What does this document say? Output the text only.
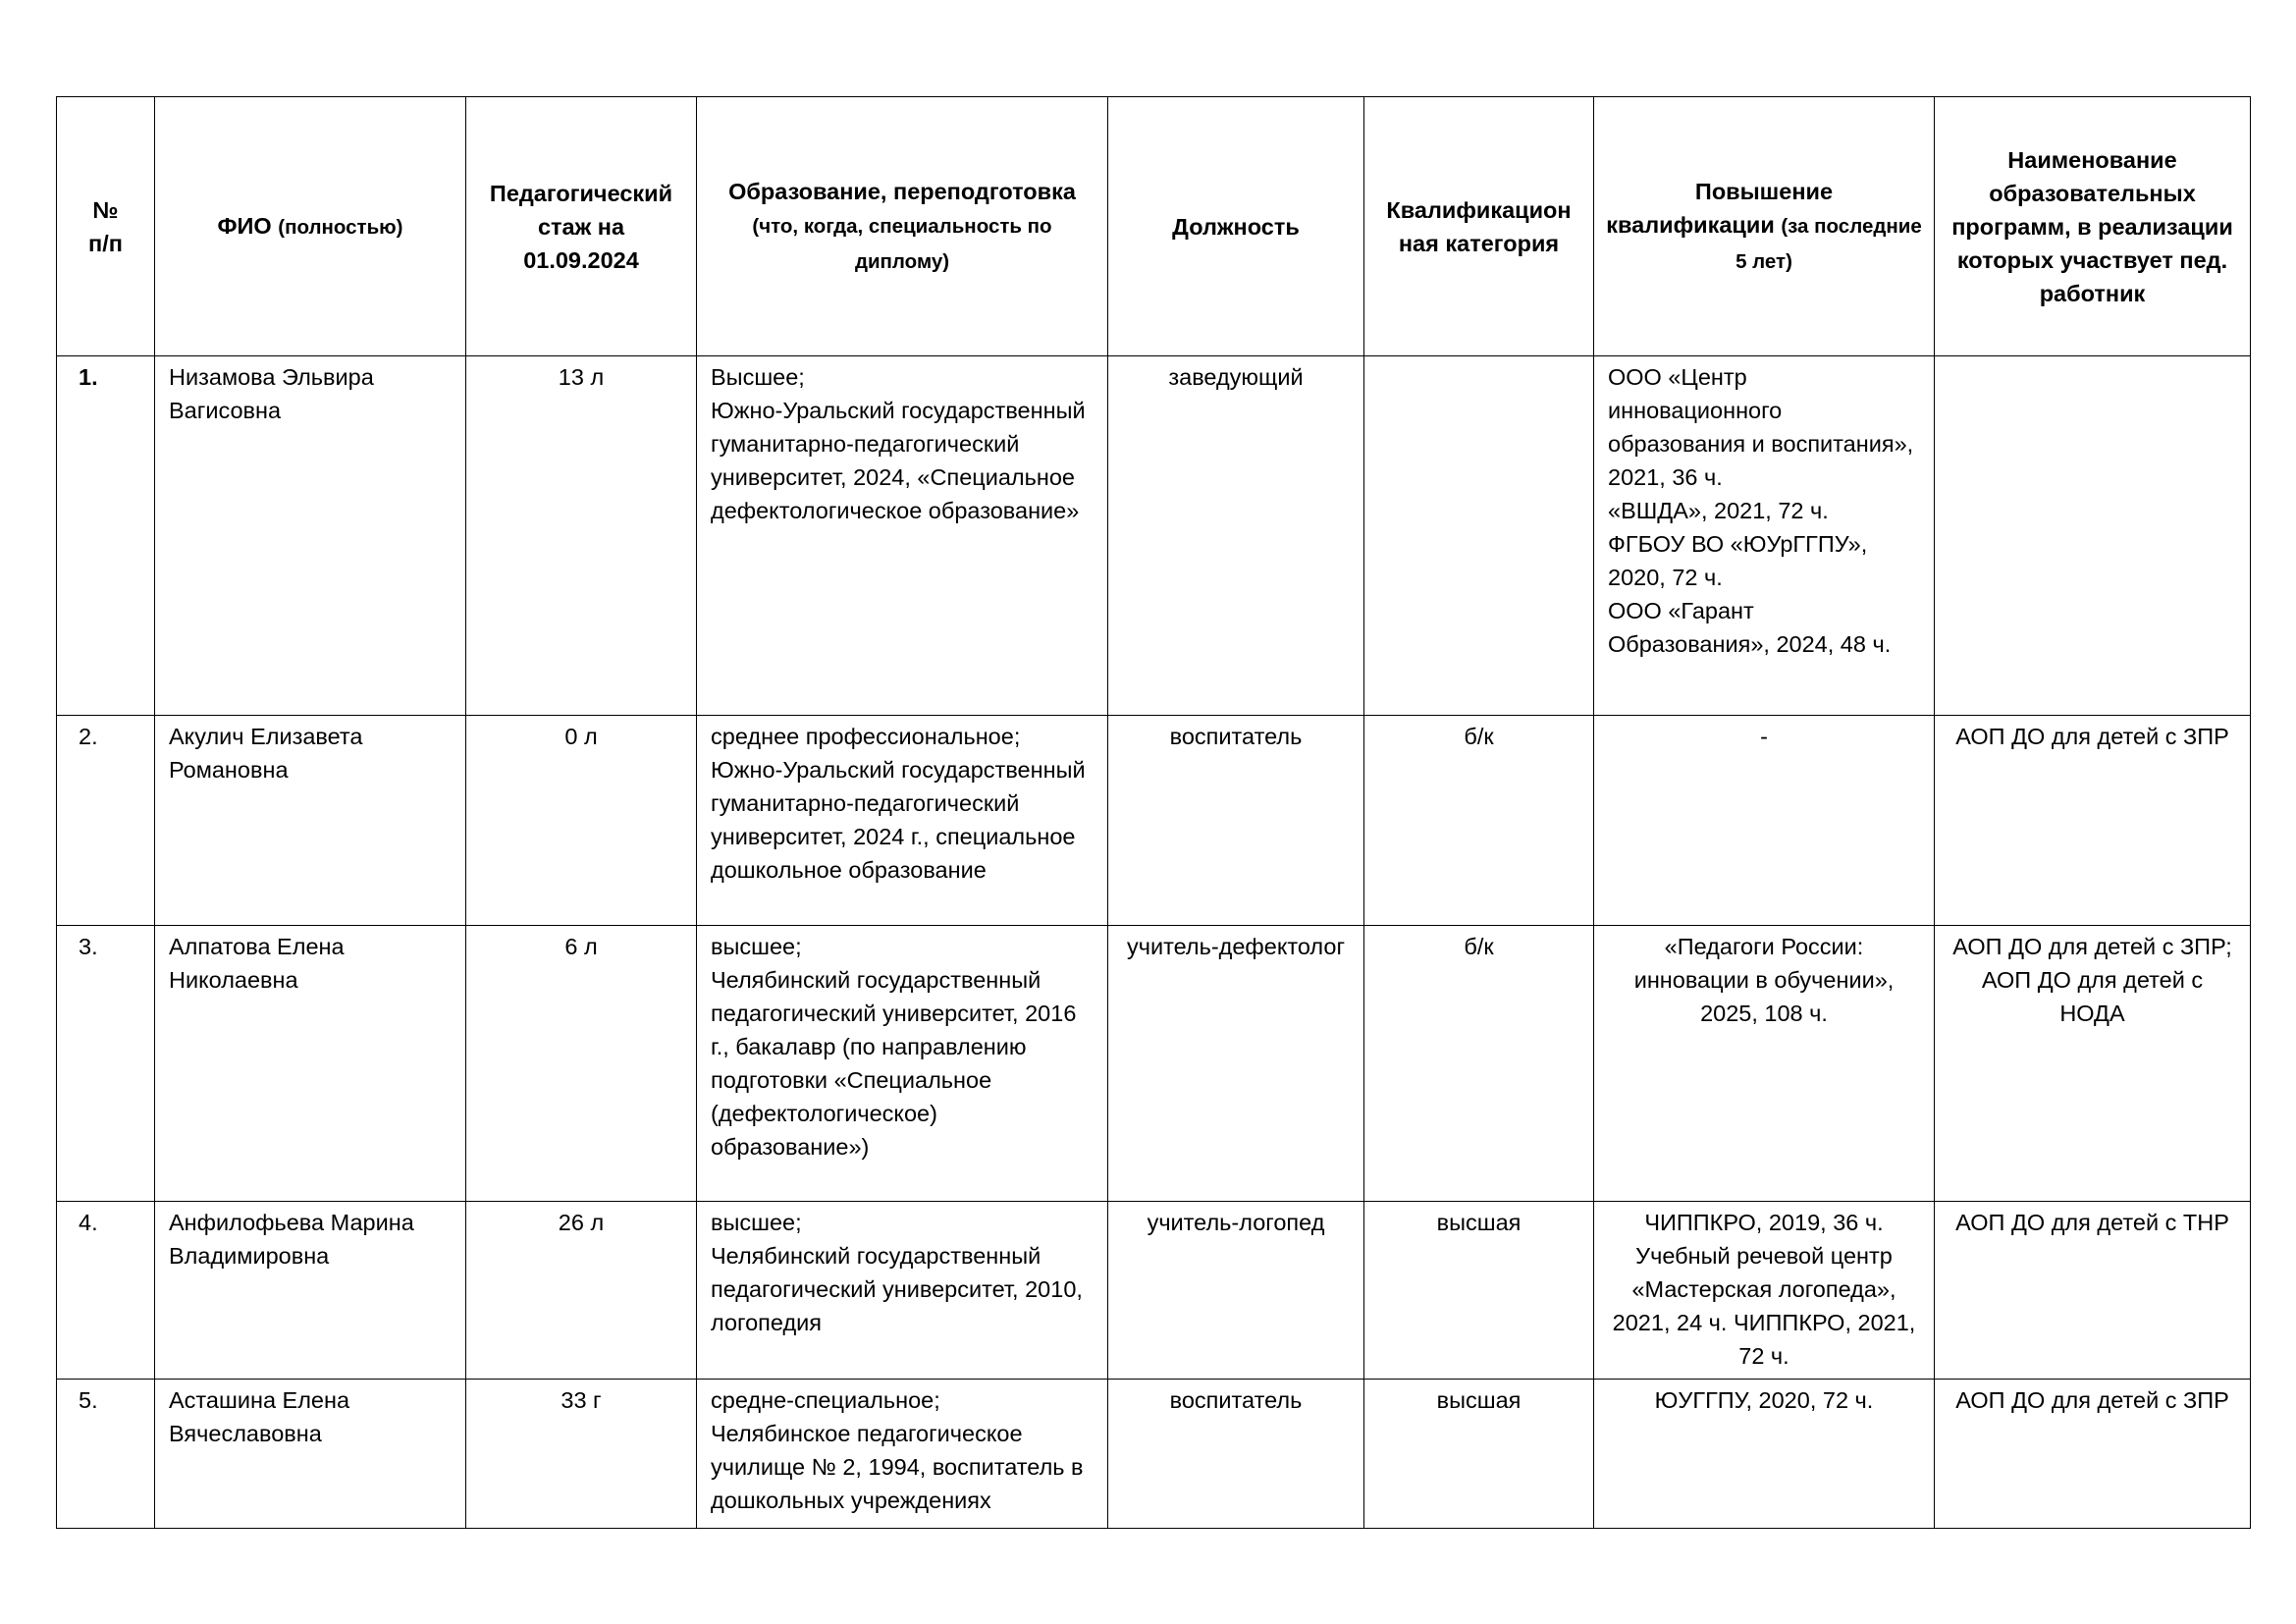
№
п/п	ФИО (полностью)	Педагогический
стаж на
01.09.2024	Образование, переподготовка
(что, когда, специальность по диплому)	Должность	Квалификацион
ная категория	Повышение
квалификации (за последние 5 лет)	Наименование образовательных программ, в реализации которых участвует пед. работник
1.	Низамова Эльвира
Вагисовна	13 л	Высшее;
Южно-Уральский государственный гуманитарно-педагогический университет, 2024, «Специальное дефектологическое образование»	заведующий		ООО «Центр инновационного образования и воспитания», 2021, 36 ч.
«ВШДА», 2021, 72 ч.
ФГБОУ ВО «ЮУрГГПУ», 2020, 72 ч.
ООО «Гарант Образования», 2024, 48 ч.	

2.	Акулич Елизавета
Романовна	0 л	среднее профессиональное;
Южно-Уральский государственный гуманитарно-педагогический университет, 2024 г., специальное дошкольное образование	воспитатель	б/к	-	АОП ДО для детей с ЗПР

3.	Алпатова Елена
Николаевна	6 л	высшее;
Челябинский государственный педагогический университет, 2016 г., бакалавр (по направлению подготовки «Специальное (дефектологическое) образование»)	учитель-дефектолог	б/к	«Педагоги России: инновации в обучении», 2025, 108 ч.	АОП ДО для детей с ЗПР;
АОП ДО для детей с НОДА

4.	Анфилофьева Марина
Владимировна	26 л	высшее;
Челябинский государственный педагогический университет, 2010, логопедия	учитель-логопед	высшая	ЧИППКРО, 2019, 36 ч. Учебный речевой центр «Мастерская логопеда», 2021, 24 ч. ЧИППКРО, 2021, 72 ч.	АОП ДО для детей с ТНР

5.	Асташина Елена
Вячеславовна	33 г	средне-специальное;
Челябинское педагогическое училище № 2, 1994, воспитатель в дошкольных учреждениях	воспитатель	высшая	ЮУГГПУ, 2020, 72 ч.	АОП ДО для детей с ЗПР
